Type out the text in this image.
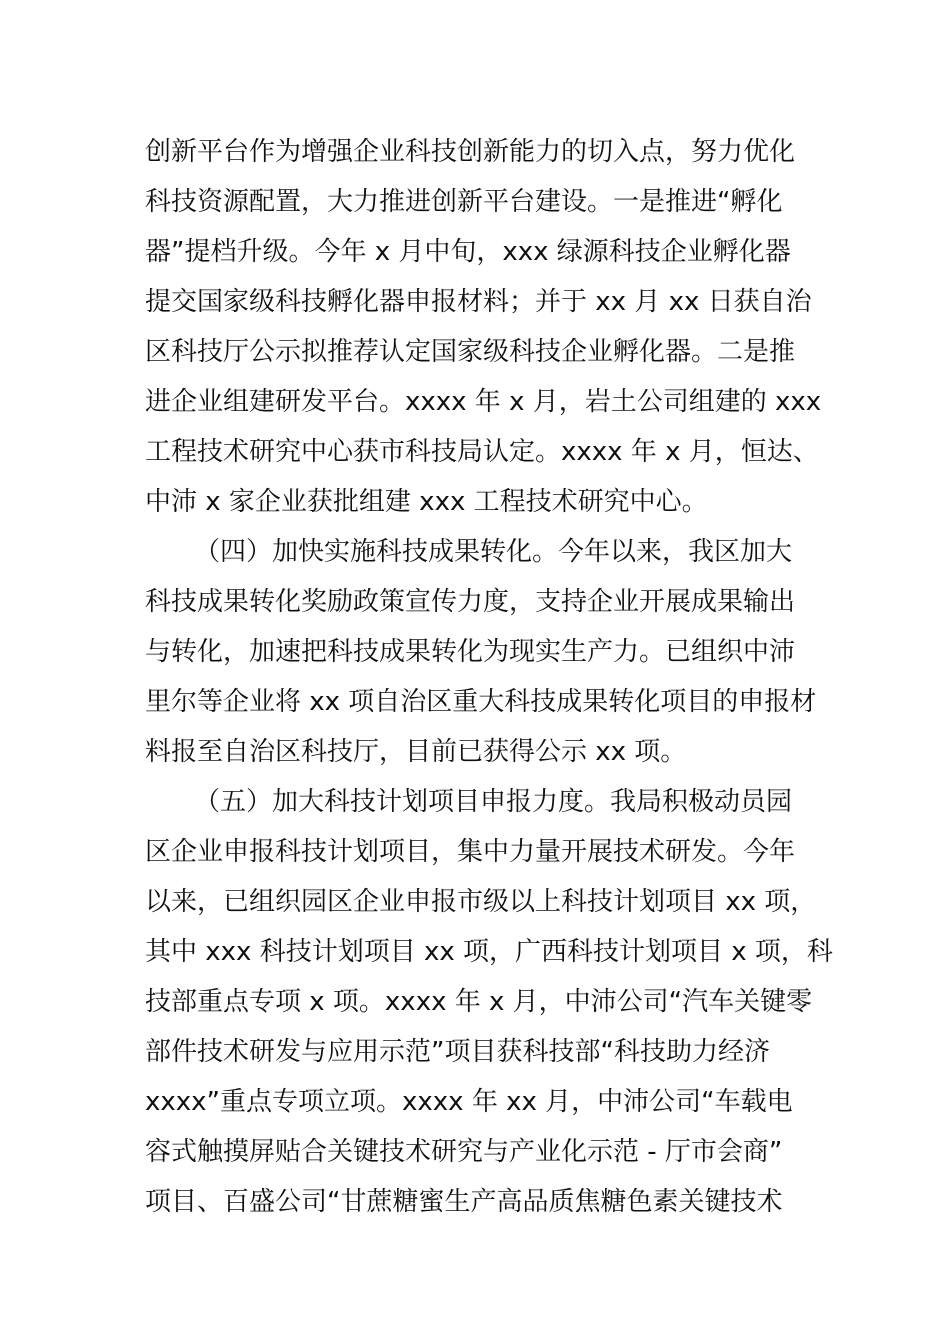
创新平台作为增强企业科技创新能力的切入点，努力优化
科技资源配置，大力推进创新平台建设。一是推进“孵化
器”提档升级。今年 x 月中旬，xxx 绿源科技企业孵化器
提交国家级科技孵化器申报材料；并于 xx 月 xx 日获自治
区科技厅公示拟推荐认定国家级科技企业孵化器。二是推
进企业组建研发平台。xxxx 年 x 月，岩土公司组建的 xxx
工程技术研究中心获市科技局认定。xxxx 年 x 月，恒达、
中沛 x 家企业获批组建 xxx 工程技术研究中心。
（四）加快实施科技成果转化。今年以来，我区加大
科技成果转化奖励政策宣传力度，支持企业开展成果输出
与转化，加速把科技成果转化为现实生产力。已组织中沛
里尔等企业将 xx 项自治区重大科技成果转化项目的申报材
料报至自治区科技厅，目前已获得公示 xx 项。
（五）加大科技计划项目申报力度。我局积极动员园
区企业申报科技计划项目，集中力量开展技术研发。今年
以来，已组织园区企业申报市级以上科技计划项目 xx 项，
其中 xxx 科技计划项目 xx 项，广西科技计划项目 x 项，科
技部重点专项 x 项。xxxx 年 x 月，中沛公司“汽车关键零
部件技术研发与应用示范”项目获科技部“科技助力经济
xxxx”重点专项立项。xxxx 年 xx 月，中沛公司“车载电
容式触摸屏贴合关键技术研究与产业化示范 - 厅市会商”
项目、百盛公司“甘蔗糖蜜生产高品质焦糖色素关键技术
